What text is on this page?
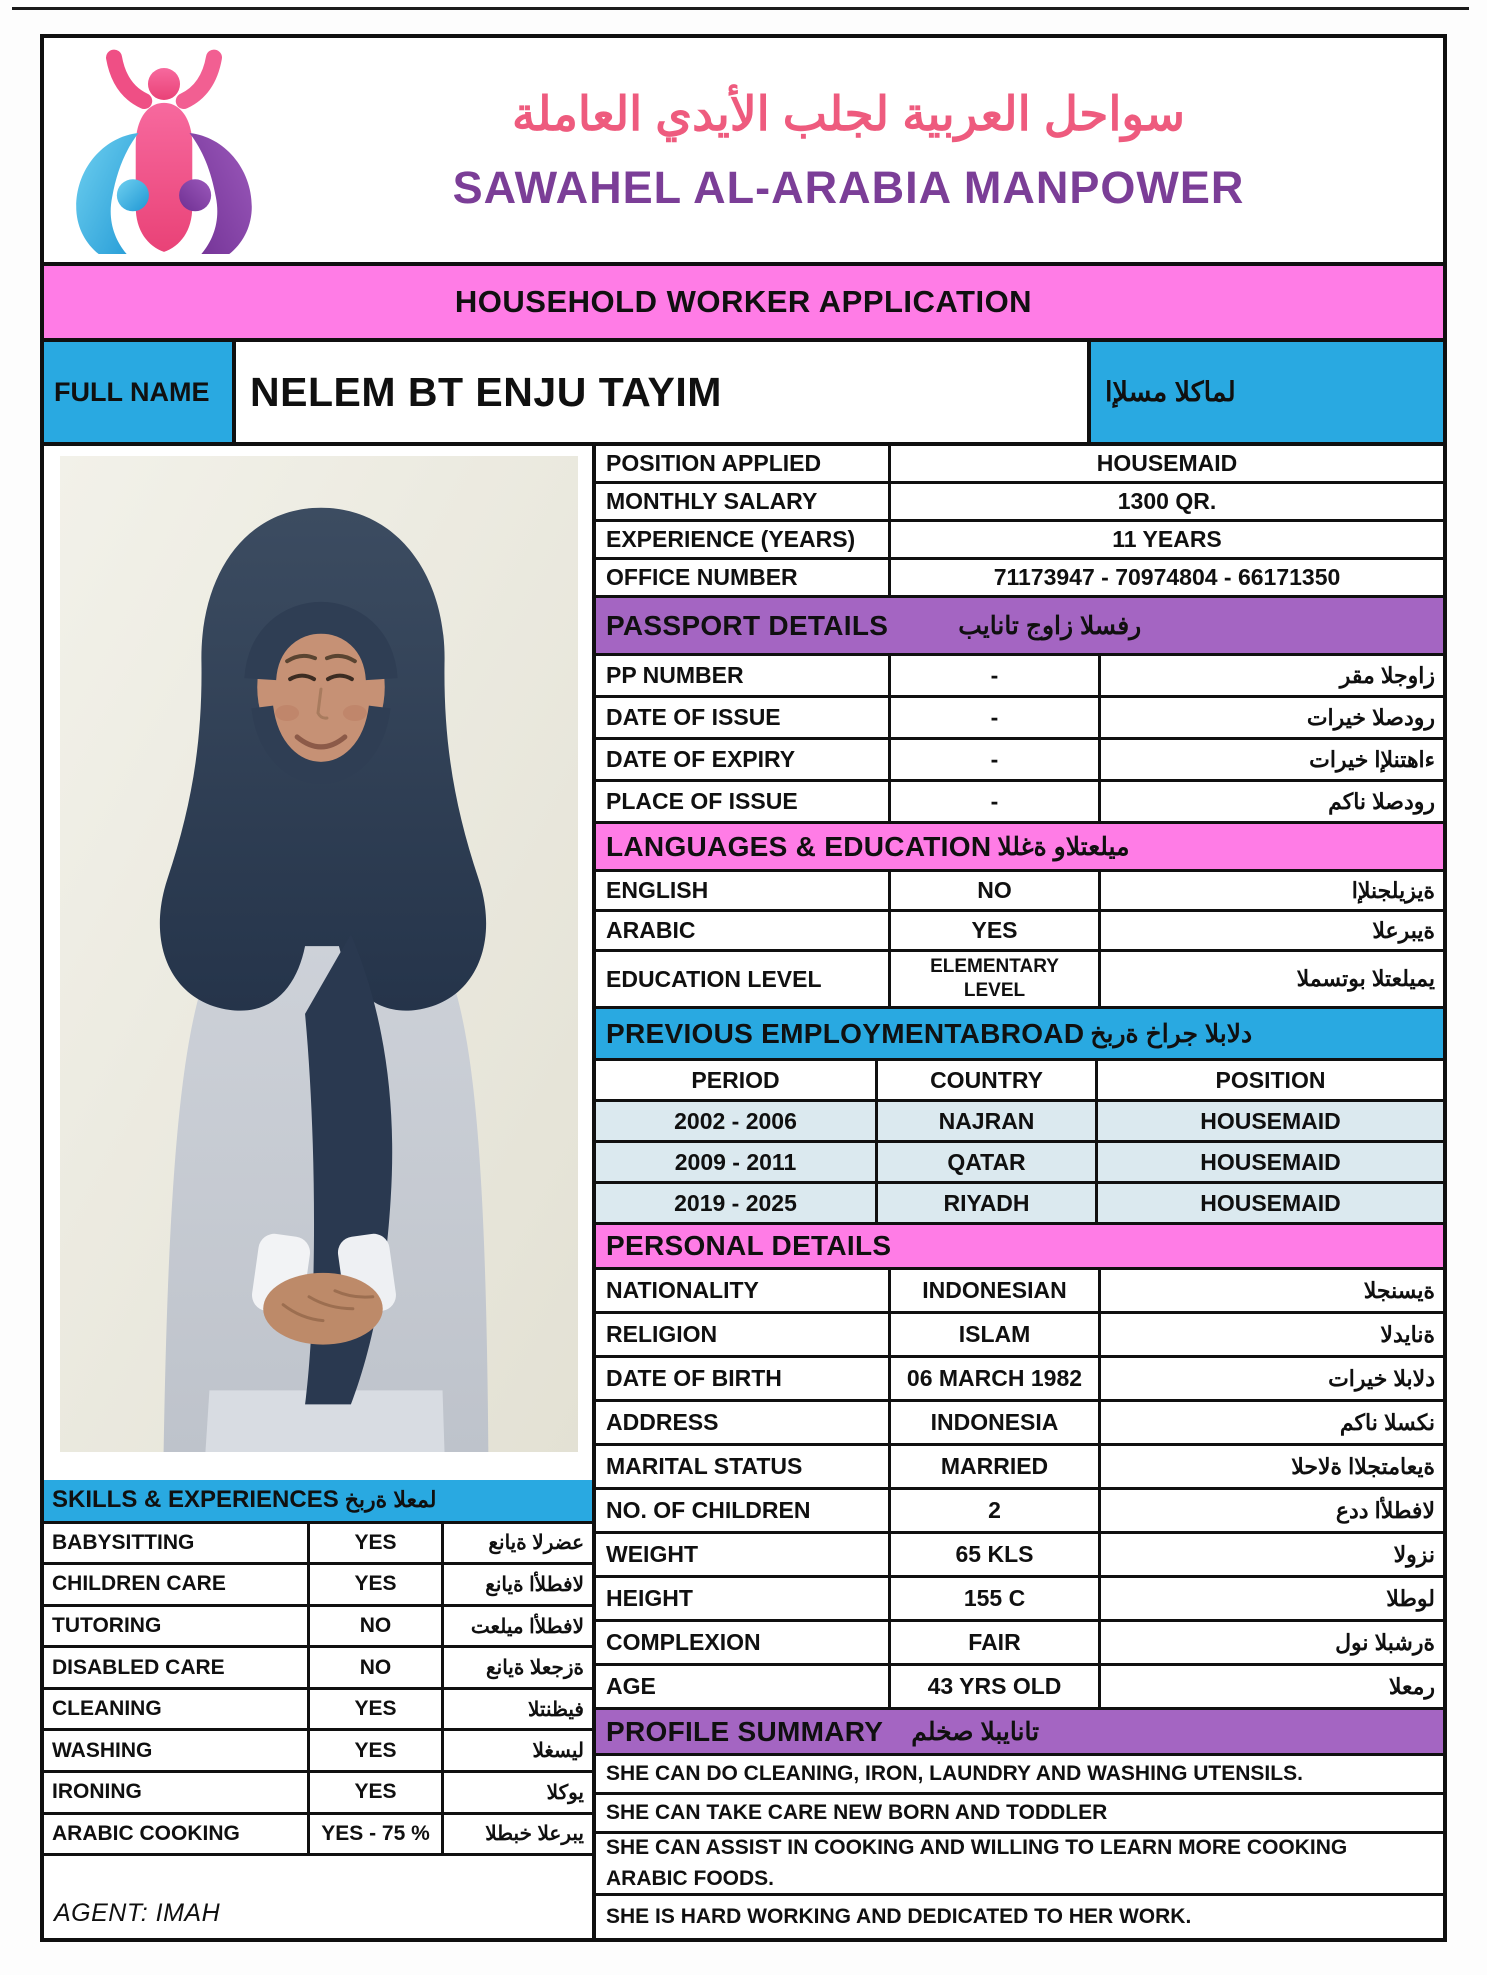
سواحل العربية لجلب الأيدي العاملة
SAWAHEL AL-ARABIA MANPOWER
HOUSEHOLD WORKER APPLICATION
FULL NAME NELEM BT ENJU TAYIM	لماكلا مسلإا
SKILLS & EXPERIENCES لمعلا ةربخ
BABYSITTING	YES	عضرلا ةيانع
CHILDREN CARE	YES	لافطلأا ةيانع
TUTORING	NO	لافطلأا ميلعت
DISABLED CARE	NO	ةزجعلا ةيانع
CLEANING	YES	فيظنتلا
WASHING	YES	ليسغلا
IRONING	YES	يوكلا
ARABIC COOKING	YES - 75 %	يبرعلا خبطلا
AGENT: IMAH
POSITION APPLIED	HOUSEMAID
MONTHLY SALARY	1300 QR.
EXPERIENCE (YEARS)	11 YEARS
OFFICE NUMBER	71173947 - 70974804 - 66171350
PASSPORT DETAILS	رفسلا زاوج تانايب
PP NUMBER	-	زاوجلا مقر
DATE OF ISSUE	-	رودصلا خيرات
DATE OF EXPIRY	-	ءاهتنلإا خيرات
PLACE OF ISSUE	-	رودصلا ناكم
LANGUAGES & EDUCATION ميلعتلاو ةغللا
ENGLISH	NO	ةيزيلجنلإا
ARABIC	YES	ةيبرعلا
EDUCATION LEVEL	ELEMENTARY LEVEL	يميلعتلا بوتسملا
PREVIOUS EMPLOYMENTABROAD دلابلا جراخ ةربخ
PERIOD	COUNTRY	POSITION
2002 - 2006	NAJRAN	HOUSEMAID
2009 - 2011	QATAR	HOUSEMAID
2019 - 2025	RIYADH	HOUSEMAID
PERSONAL DETAILS
NATIONALITY	INDONESIAN	ةيسنجلا
RELIGION	ISLAM	ةنايدلا
DATE OF BIRTH	06 MARCH 1982	دلابلا خيرات
ADDRESS	INDONESIA	نكسلا ناكم
MARITAL STATUS	MARRIED	ةيعامتجلاا ةلاحلا
NO. OF CHILDREN	2	لافطلأا ددع
WEIGHT	65 KLS	نزولا
HEIGHT	155 C	لوطلا
COMPLEXION	FAIR	ةرشبلا نول
AGE	43 YRS OLD	رمعلا
PROFILE SUMMARY تانايبلا صخلم
SHE CAN DO CLEANING, IRON, LAUNDRY AND WASHING UTENSILS.
SHE CAN TAKE CARE NEW BORN AND TODDLER
SHE CAN ASSIST IN COOKING AND WILLING TO LEARN MORE COOKING ARABIC FOODS.
SHE IS HARD WORKING AND DEDICATED TO HER WORK.
